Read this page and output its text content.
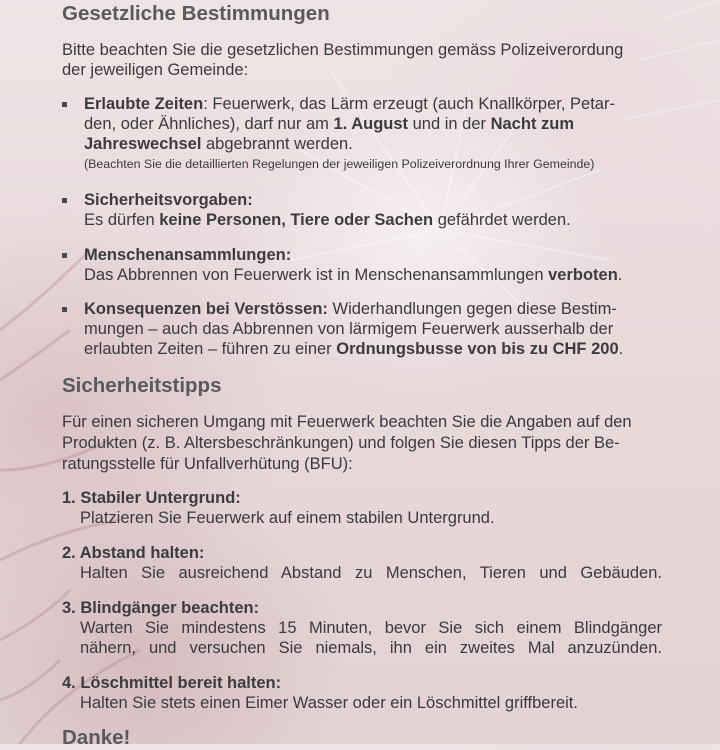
Gesetzliche Bestimmungen

Bitte beachten Sie die gesetzlichen Bestimmungen gemäss Polizeiverordung

der jeweiligen Gemeinde:

Erlaubte Zeiten: Feuerwerk, das Lärm erzeugt (auch Knallkörper, Petar-

den, oder Ähnliches), darf nur am 1. August und in der Nacht zum

Jahreswechsel abgebrannt werden.

(Beachten Sie die detaillierten Regelungen der jeweiligen Polizeiverordnung Ihrer Gemeinde)

Sicherheitsvorgaben:

Es dürfen keine Personen, Tiere oder Sachen gefährdet werden.

Menschenansammlungen:

Das Abbrennen von Feuerwerk ist in Menschenansammlungen verboten.

Konsequenzen bei Verstössen: Widerhandlungen gegen diese Bestim-

mungen – auch das Abbrennen von lärmigem Feuerwerk ausserhalb der

erlaubten Zeiten – führen zu einer Ordnungsbusse von bis zu CHF 200.

Sicherheitstipps

Für einen sicheren Umgang mit Feuerwerk beachten Sie die Angaben auf den

Produkten (z. B. Altersbeschränkungen) und folgen Sie diesen Tipps der Be-

ratungsstelle für Unfallverhütung (BFU):

1. Stabiler Untergrund:
Platzieren Sie Feuerwerk auf einem stabilen Untergrund.
2. Abstand halten:
Halten Sie ausreichend Abstand zu Menschen, Tieren und Gebäuden.
3. Blindgänger beachten:
Warten Sie mindestens 15 Minuten, bevor Sie sich einem Blindgänger
nähern, und versuchen Sie niemals, ihn ein zweites Mal anzuzünden.
4. Löschmittel bereit halten:
Halten Sie stets einen Eimer Wasser oder ein Löschmittel griffbereit.
Danke!
